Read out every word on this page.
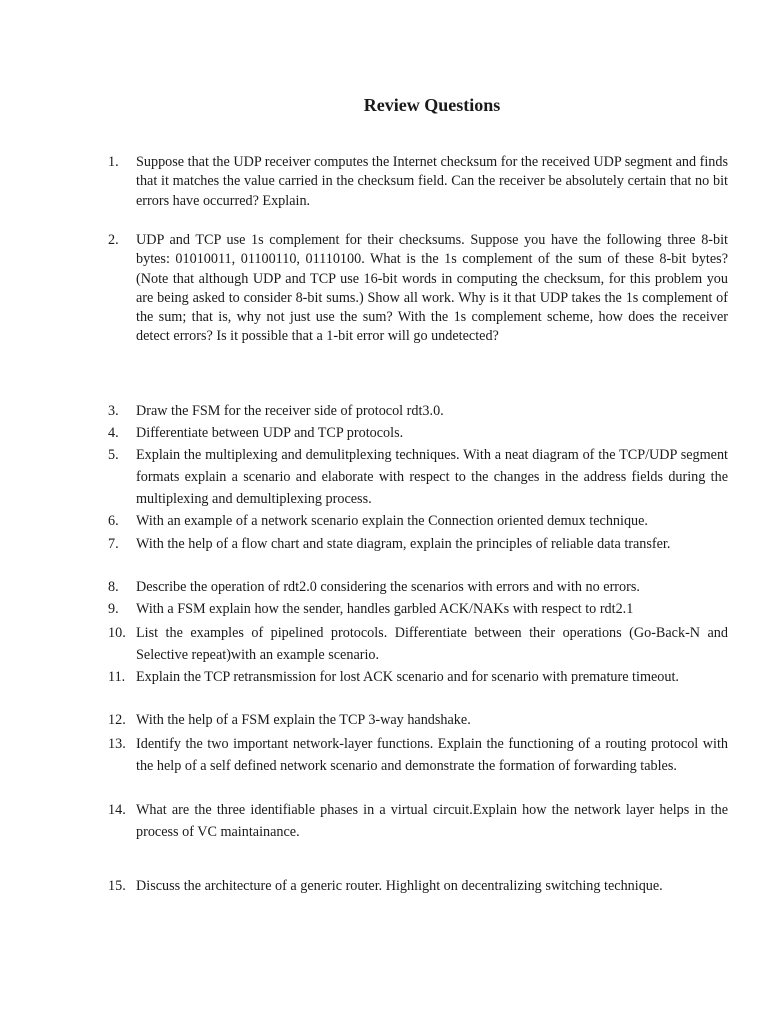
Review Questions
1.	Suppose that the UDP receiver computes the Internet checksum for the received UDP segment and finds that it matches the value carried in the checksum field. Can the receiver be absolutely certain that no bit errors have occurred? Explain.
2.	UDP and TCP use 1s complement for their checksums. Suppose you have the following three 8-bit bytes: 01010011, 01100110, 01110100. What is the 1s complement of the sum of these 8-bit bytes? (Note that although UDP and TCP use 16-bit words in computing the checksum, for this problem you are being asked to consider 8-bit sums.) Show all work. Why is it that UDP takes the 1s complement of the sum; that is, why not just use the sum? With the 1s complement scheme, how does the receiver detect errors? Is it possible that a 1-bit error will go undetected?
3.	Draw the FSM for the receiver side of protocol rdt3.0.
4.	Differentiate between UDP and TCP protocols.
5.	Explain the multiplexing and demulitplexing techniques. With a neat diagram of the TCP/UDP segment formats explain a scenario and elaborate with respect to the changes in the address fields during the multiplexing and demultiplexing process.
6.	With an example of a network scenario explain the Connection oriented demux technique.
7.	With the help of a flow chart and state diagram, explain the principles of reliable data transfer.
8.	Describe the operation of rdt2.0 considering the scenarios with errors and with no errors.
9.	With a FSM explain how the sender, handles garbled ACK/NAKs with respect to rdt2.1
10. List the examples of pipelined protocols. Differentiate between their operations (Go-Back-N and Selective repeat)with an example scenario.
11. Explain the TCP retransmission for lost ACK scenario and for scenario with premature timeout.
12. With the help of a FSM explain the TCP 3-way handshake.
13. Identify the two important network-layer functions. Explain the functioning of a routing protocol with the help of a self defined network scenario and demonstrate the formation of forwarding tables.
14. What are the three identifiable phases in a virtual circuit.Explain how the network layer helps in the process of VC maintainance.
15. Discuss the architecture of a generic router. Highlight on decentralizing switching technique.
